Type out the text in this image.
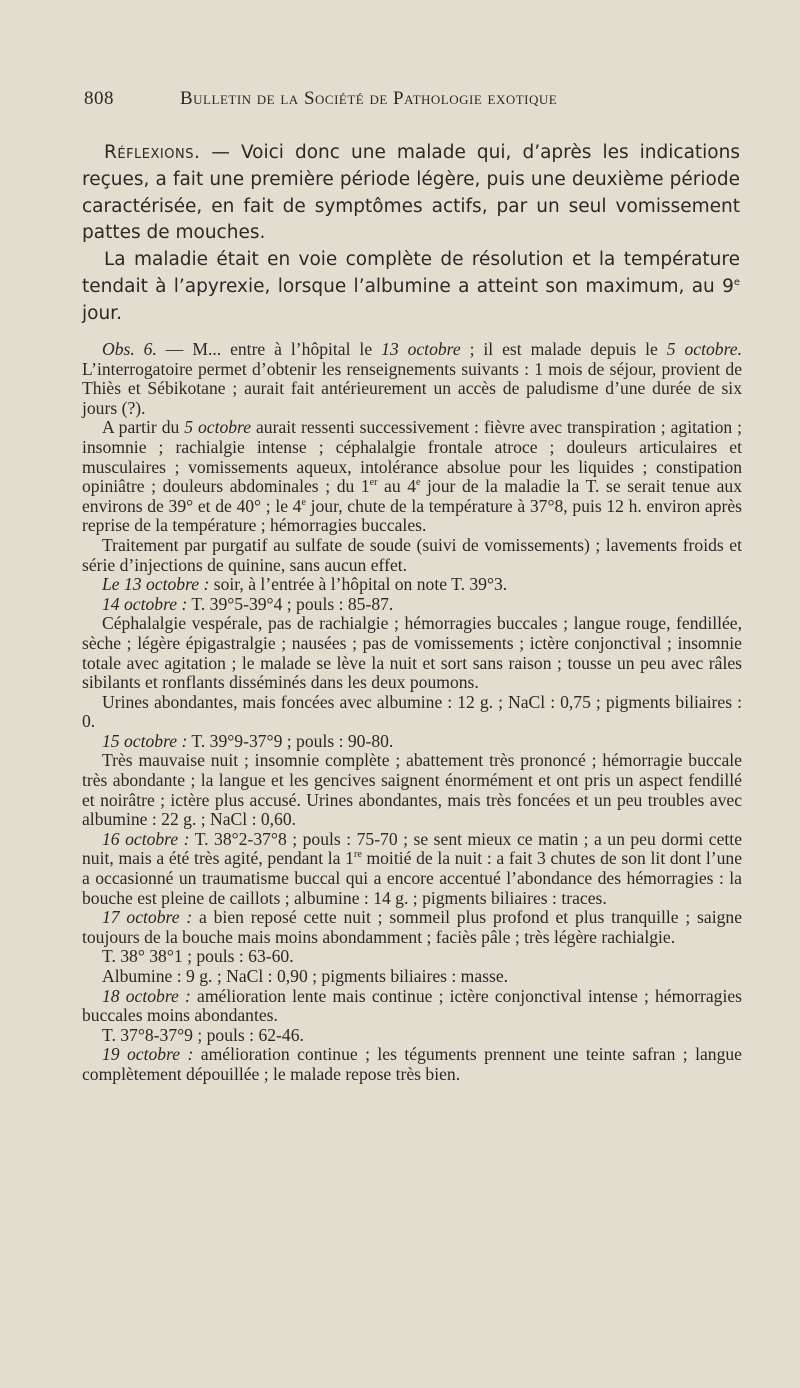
808	Bulletin de la Société de Pathologie exotique

Réflexions. — Voici donc une malade qui, d’après les indications reçues, a fait une première période légère, puis une deuxième période caractérisée, en fait de symptômes actifs, par un seul vomissement pattes de mouches.

La maladie était en voie complète de résolution et la température tendait à l’apyrexie, lorsque l’albumine a atteint son maximum, au 9e jour.

Obs. 6. — M... entre à l’hôpital le 13 octobre ; il est malade depuis le 5 octobre. L’interrogatoire permet d’obtenir les renseignements suivants : 1 mois de séjour, provient de Thiès et Sébikotane ; aurait fait antérieurement un accès de paludisme d’une durée de six jours (?).

A partir du 5 octobre aurait ressenti successivement : fièvre avec transpiration ; agitation ; insomnie ; rachialgie intense ; céphalalgie frontale atroce ; douleurs articulaires et musculaires ; vomissements aqueux, intolérance absolue pour les liquides ; constipation opiniâtre ; douleurs abdominales ; du 1er au 4e jour de la maladie la T. se serait tenue aux environs de 39° et de 40° ; le 4e jour, chute de la température à 37°8, puis 12 h. environ après reprise de la température ; hémorragies buccales.

Traitement par purgatif au sulfate de soude (suivi de vomissements) ; lavements froids et série d’injections de quinine, sans aucun effet.

Le 13 octobre : soir, à l’entrée à l’hôpital on note T. 39°3.

14 octobre : T. 39°5-39°4 ; pouls : 85-87.

Céphalalgie vespérale, pas de rachialgie ; hémorragies buccales ; langue rouge, fendillée, sèche ; légère épigastralgie ; nausées ; pas de vomissements ; ictère conjonctival ; insomnie totale avec agitation ; le malade se lève la nuit et sort sans raison ; tousse un peu avec râles sibilants et ronflants disséminés dans les deux poumons.

Urines abondantes, mais foncées avec albumine : 12 g. ; NaCl : 0,75 ; pigments biliaires : 0.

15 octobre : T. 39°9-37°9 ; pouls : 90-80.

Très mauvaise nuit ; insomnie complète ; abattement très prononcé ; hémorragie buccale très abondante ; la langue et les gencives saignent énormément et ont pris un aspect fendillé et noirâtre ; ictère plus accusé. Urines abondantes, mais très foncées et un peu troubles avec albumine : 22 g. ; NaCl : 0,60.

16 octobre : T. 38°2-37°8 ; pouls : 75-70 ; se sent mieux ce matin ; a un peu dormi cette nuit, mais a été très agité, pendant la 1re moitié de la nuit : a fait 3 chutes de son lit dont l’une a occasionné un traumatisme buccal qui a encore accentué l’abondance des hémorragies : la bouche est pleine de caillots ; albumine : 14 g. ; pigments biliaires : traces.

17 octobre : a bien reposé cette nuit ; sommeil plus profond et plus tranquille ; saigne toujours de la bouche mais moins abondamment ; faciès pâle ; très légère rachialgie.

T. 38° 38°1 ; pouls : 63-60.

Albumine : 9 g. ; NaCl : 0,90 ; pigments biliaires : masse.

18 octobre : amélioration lente mais continue ; ictère conjonctival intense ; hémorragies buccales moins abondantes.

T. 37°8-37°9 ; pouls : 62-46.

19 octobre : amélioration continue ; les téguments prennent une teinte safran ; langue complètement dépouillée ; le malade repose très bien.
